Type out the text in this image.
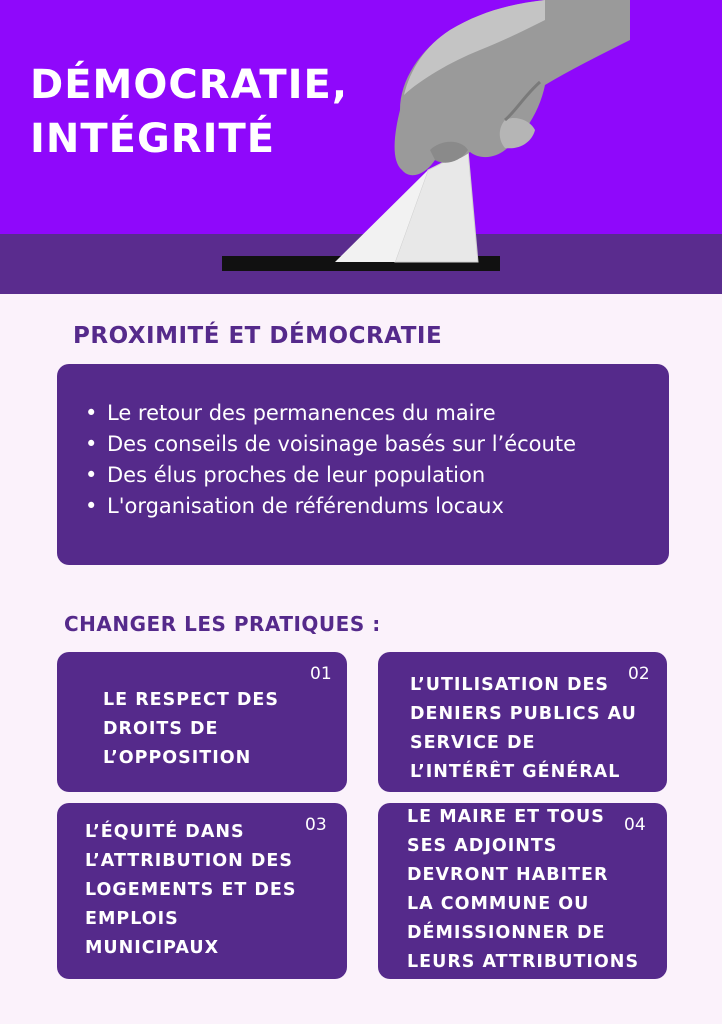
DÉMOCRATIE,
INTÉGRITÉ
PROXIMITÉ ET DÉMOCRATIE
• Le retour des permanences du maire
• Des conseils de voisinage basés sur l’écoute
• Des élus proches de leur population
• L'organisation de référendums locaux
CHANGER LES PRATIQUES :
01

LE RESPECT DES
DROITS DE
L’OPPOSITION

02

L’UTILISATION DES
DENIERS PUBLICS AU
SERVICE DE
L’INTÉRÊT GÉNÉRAL

03

L’ÉQUITÉ DANS
L’ATTRIBUTION DES
LOGEMENTS ET DES
EMPLOIS
MUNICIPAUX

04

LE MAIRE ET TOUS
SES ADJOINTS
DEVRONT HABITER
LA COMMUNE OU
DÉMISSIONNER DE
LEURS ATTRIBUTIONS
